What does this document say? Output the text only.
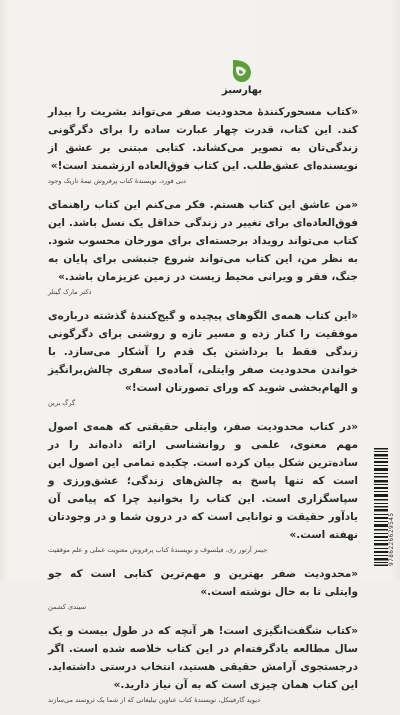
بهارسبز

«کتاب مسحورکنندهٔ محدودیت صفر می‌تواند بشریت را بیدار کند. این کتاب، قدرت چهار عبارت ساده را برای دگرگونی زندگی‌تان به تصویر می‌کشاند. کتابی مبتنی بر عشق از نویسنده‌ای عشق‌طلب. این کتاب فوق‌العاده ارزشمند است!»

دبی فورد، نویسندهٔ کتاب پرفروش نیمهٔ تاریک وجود

«من عاشق این کتاب هستم. فکر می‌کنم این کتاب راهنمای فوق‌العاده‌ای برای تغییر در زندگی حداقل یک نسل باشد. این کتاب می‌تواند رویداد برجسته‌ای برای مورخان محسوب شود. به نظر من، این کتاب می‌تواند شروع جنبشی برای پایان به جنگ، فقر و ویرانی محیط زیست در زمین عزیزمان باشد.»

دکتر مارک گینلر

«این کتاب همه‌ی الگوهای پیچیده و گیج‌کنندهٔ گذشته درباره‌ی موفقیت را کنار زده و مسیر تازه و روشنی برای دگرگونی زندگی فقط با برداشتن یک قدم را آشکار می‌سازد. با خواندن محدودیت صفر وایتلی، آماده‌ی سفری چالش‌برانگیز و الهام‌بخشی شوید که ورای تصورتان است!»

گرگ برین

«در کتاب محدودیت صفر، وایتلی حقیقتی که همه‌ی اصول مهم معنوی، علمی و روانشناسی ارائه داده‌اند را در ساده‌ترین شکل بیان کرده است. چکیده تمامی این اصول این است که تنها پاسخ به چالش‌های زندگی؛ عشق‌ورزی و سپاسگزاری است. این کتاب را بخوانید چرا که پیامی آن یادآور حقیقت و توانایی است که در درون شما و در وجودتان نهفته است.»

جیمز آرتور ری، فیلسوف و نویسندهٔ کتاب پرفروش معنویت عملی و علم موفقیت

«محدودیت صفر بهترین و مهم‌ترین کتابی است که جو وایتلی تا به حال نوشته است.»

سیندی کشمن

«کتاب شگفت‌انگیزی است! هر آنچه که در طول بیست و یک سال مطالعه یادگرفته‌ام در این کتاب خلاصه شده است. اگر درجستجوی آرامش حقیقی هستید، انتخاب درستی داشته‌اید. این کتاب همان چیزی است که به آن نیاز دارید.»

دیوید گارفینکل، نویسندهٔ کتاب عناوین تیلیغاتی که از شما یک ثروتمند می‌سازند
9786226629545
